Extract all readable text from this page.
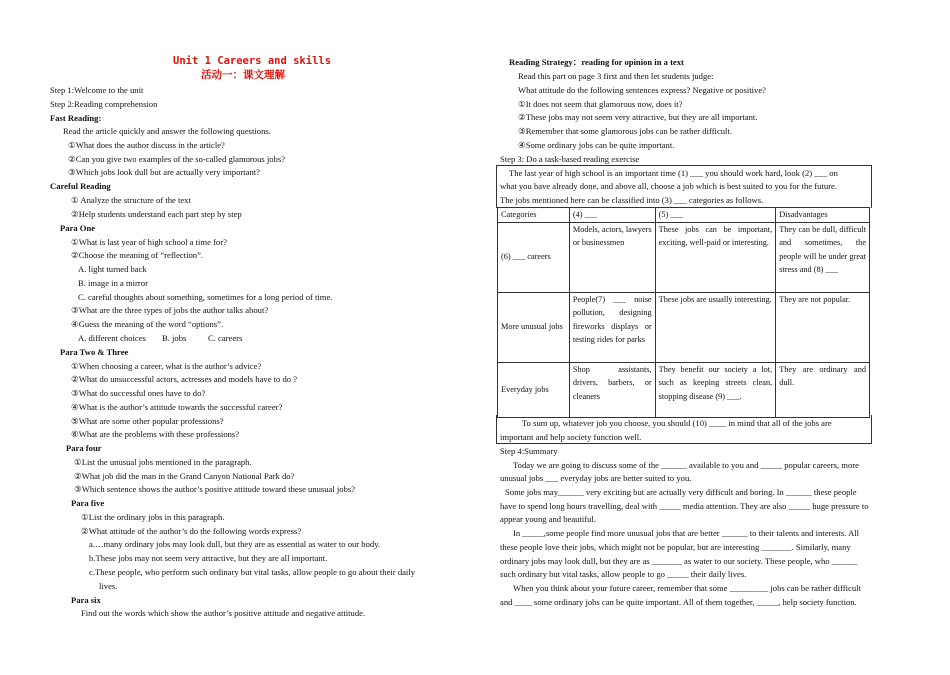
Unit 1 Careers and skills
活动一：课文理解
Step 1:Welcome to the unit
Step 2:Reading comprehension
Fast Reading:
Read the article quickly and answer the following questions.
①What does the author discuss in the article?
②Can you give two examples of the so-called glamorous jobs?
③Which jobs look dull but are actually very important?
Careful Reading
① Analyze the structure of the text
②Help students understand each part step by step
Para One
①What is last year of high school a time for?
②Choose the meaning of “reflection”.
A. light turned back
B. image in a mirror
C. careful thoughts about something, sometimes for a long period of time.
③What are the three types of jobs the author talks about?
④Guess the meaning of the word “options”.
A. different choices B. jobs	C. careers
Para Two & Three
①When choosing a career, what is the author’s advice?
②What do unsuccessful actors, actresses and models have to do ?
③What do successful ones have to do?
④What is the author’s attitude towards the successful career?
⑤What are some other popular professions?
⑥What are the problems with these professions?
Para four
①List the unusual jobs mentioned in the paragraph.
②What job did the man in the Grand Canyon National Park do?
③Which sentence shows the author’s positive attitude toward these unusual jobs?
Para five
①List the ordinary jobs in this paragraph.
②What attitude of the author’s do the following words express?
a.…many ordinary jobs may look dull, but they are as essential as water to our body.
b.These jobs may not seem very attractive, but they are all important.
c.These people, who perform such ordinary but vital tasks, allow people to go about their daily
lives.
Para six
Find out the words which show the author’s positive attitude and negative attitude.
Reading Strategy：reading for opinion in a text
Read this part on page 3 first and then let students judge:
What attitude do the following sentences express? Negative or positive?
①It does not seem that glamorous now, does it?
②These jobs may not seem very attractive, but they are all important.
③Remember that some glamorous jobs can be rather difficult.
④Some ordinary jobs can be quite important.
Step 3: Do a task-based reading exercise
The last year of high school is an important time (1) ___ you should work hard, look (2) ___ on
what you have already done, and above all, choose a job which is best suited to you for the future.
The jobs mentioned here can be classified into (3) ___ categories as follows.
Categories	(4) ___	(5) ___	Disadvantages
(6) ___ careers	Models, actors, lawyers or businessmen	These jobs can be important, exciting, well-paid or interesting.	They can be dull, difficult and sometimes, the people will be under great stress and (8) ___
More unusual jobs	People(7) ___ noise pollution, designing fireworks displays or testing rides for parks	These jobs are usually interesting.	They are not popular.
Everyday jobs	Shop assistants, drivers, barbers, or cleaners	They benefit our society a lot, such as keeping streets clean, stopping disease (9) ___.	They are ordinary and dull.
To sum up, whatever job you choose, you should (10) ____ in mind that all of the jobs are
important and help society function well.
Step 4:Summary
Today we are going to discuss some of the ______ available to you and _____ popular careers, more
unusual jobs ___ everyday jobs are better suited to you.
Some jobs may______ very exciting but are actually very difficult and boring. In ______ these people
have to spend long hours travelling, deal with _____ media attention. They are also _____ huge pressure to
appear young and beautiful.
In _____,some people find more unusual jobs that are better ______ to their talents and interests. All
these people love their jobs, which might not be popular, but are interesting _______. Similarly, many
ordinary jobs may look dull, but they are as _______ as water to our society. These people, who ______
such ordinary but vital tasks, allow people to go _____ their daily lives.
When you think about your future career, remember that some _________ jobs can be rather difficult
and ____ some ordinary jobs can be quite important. All of them together, _____, help society function.
